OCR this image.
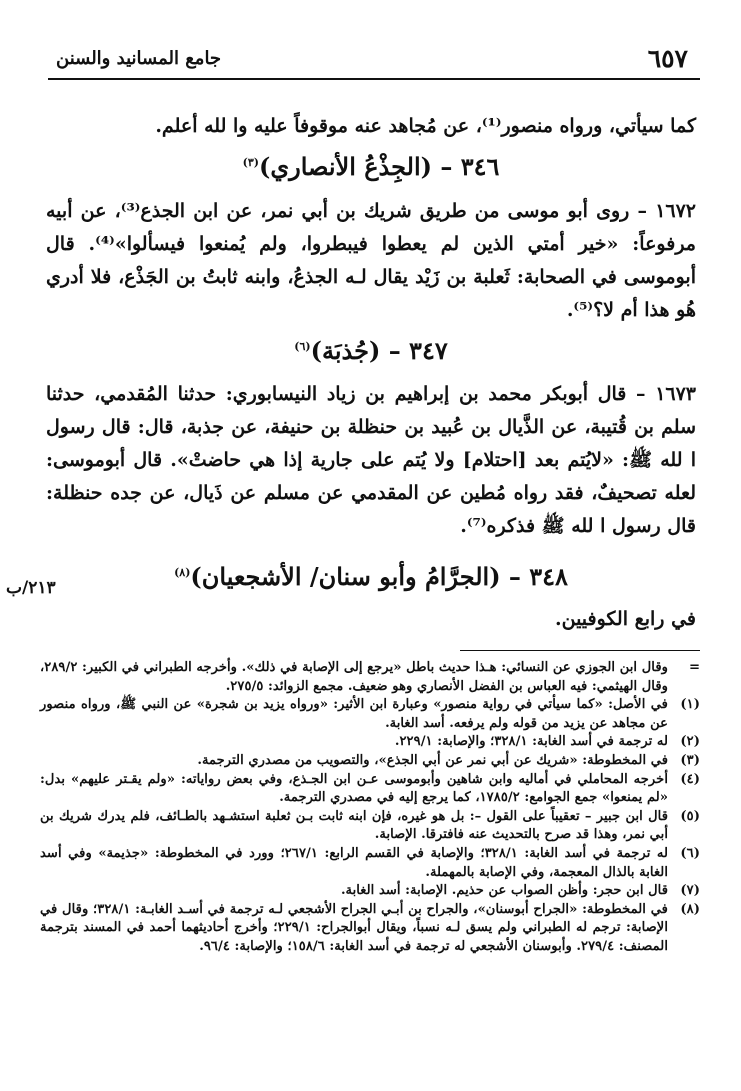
٦٥٧
جامع المسانيد والسنن
كما سيأتي، ورواه منصور⁽¹⁾، عن مُجاهد عنه موقوفاً عليه وا لله أعلم.
٣٤٦ – (الجِذْعُ الأنصاري)$^{(٣)}$
١٦٧٢ – روى أبو موسى من طريق شريك بن أبي نمر، عن ابن الجذع⁽³⁾، عن أبيه مرفوعاً: «خير أمتي الذين لم يعطوا فيبطروا، ولم يُمنعوا فيسألوا»⁽⁴⁾. قال أبوموسى في الصحابة: ثَعلبة بن زَيْد يقال لـه الجذعُ، وابنه ثابتُ بن الجَذْع، فلا أدري هُو هذا أم لا؟⁽⁵⁾.
٣٤٧ – (جُذبَة)$^{(٦)}$
١٦٧٣ – قال أبوبكر محمد بن إبراهيم بن زياد النيسابوري: حدثنا المُقدمي، حدثنا سلم بن قُتيبة، عن الذَّيال بن عُبيد بن حنظلة بن حنيفة، عن جذبة، قال: قال رسول ا لله ﷺ: «لايُتم بعد [احتلام] ولا يُتم على جارية إذا هي حاضتْ». قال أبوموسى: لعله تصحيفٌ، فقد رواه مُطين عن المقدمي عن مسلم عن ذَيال، عن جده حنظلة: قال رسول ا لله ﷺ فذكره⁽⁷⁾.
٣٤٨ – (الجرَّامُ وأبو سنان/ الأشجعيان)$^{(٨)}$
في رابع الكوفيين.
٢١٣/ب
=
وقال ابن الجوزي عن النسائي: هـذا حديث باطل «يرجع إلى الإصابة في ذلك». وأخرجه الطبراني في الكبير: ٢٨٩/٢، وقال الهيثمي: فيه العباس بن الفضل الأنصاري وهو ضعيف. مجمع الزوائد: ٢٧٥/٥.
(١)
في الأصل: «كما سيأتي في رواية منصور» وعبارة ابن الأثير: «ورواه يزيد بن شجرة» عن النبي ﷺ، ورواه منصور عن مجاهد عن يزيد من قوله ولم يرفعه. أسد الغابة.
(٢)
له ترجمة في أسد الغابة: ٣٢٨/١؛ والإصابة: ٢٢٩/١.
(٣)
في المخطوطة: «شريك عن أبي نمر عن أبي الجذع»، والتصويب من مصدري الترجمة.
(٤)
أخرجه المحاملي في أماليه وابن شاهين وأبوموسى عـن ابن الجـذع، وفي بعض رواياته: «ولم يقـتر عليهم» بدل: «لم يمنعوا» جمع الجوامع: ١٧٨٥/٢، كما يرجع إليه في مصدري الترجمة.
(٥)
قال ابن جبير – تعقيباً على القول –: بل هو غيره، فإن ابنه ثابت بـن ثعلبة استشـهد بالطـائف، فلم يدرك شريك بن أبي نمر، وهذا قد صرح بالتحديث عنه فافترقا. الإصابة.
(٦)
له ترجمة في أسد الغابة: ٣٢٨/١؛ والإصابة في القسم الرابع: ٢٦٧/١؛ وورد في المخطوطة: «جذيمة» وفي أسد الغابة بالذال المعجمة، وفي الإصابة بالمهملة.
(٧)
قال ابن حجر: وأظن الصواب عن حذيم. الإصابة: أسد الغابة.
(٨)
في المخطوطة: «الجراح أبوسنان»، والجراح بن أبـي الجراح الأشجعي لـه ترجمة في أسـد الغابـة: ٣٢٨/١؛ وقال في الإصابة: ترجم له الطبراني ولم يسق لـه نسباً، ويقال أبوالجراح: ٢٢٩/١؛ وأخرج أحاديثهما أحمد في المسند بترجمة المصنف: ٢٧٩/٤. وأبوسنان الأشجعي له ترجمة في أسد الغابة: ١٥٨/٦؛ والإصابة: ٩٦/٤.
